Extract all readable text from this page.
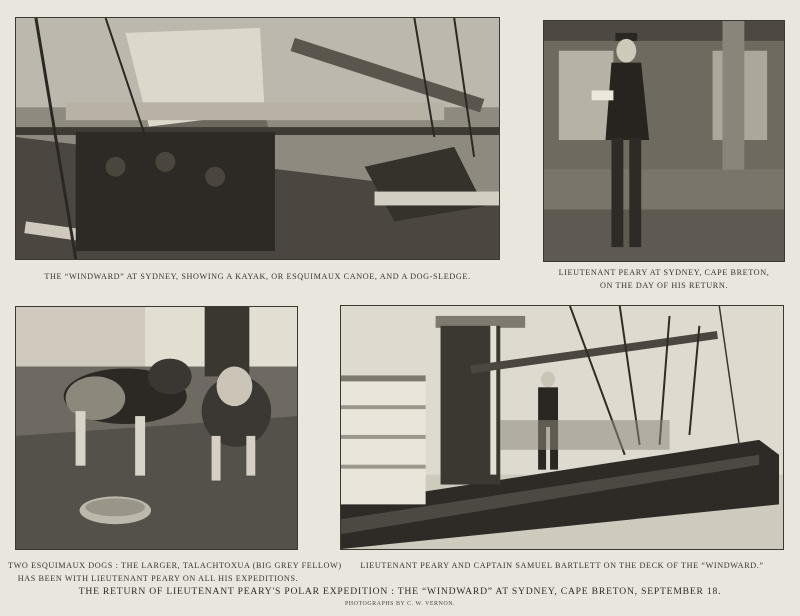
THE “WINDWARD” AT SYDNEY, SHOWING A KAYAK, OR ESQUIMAUX CANOE, AND A DOG-SLEDGE.	LIEUTENANT PEARY AT SYDNEY, CAPE BRETON,
ON THE DAY OF HIS RETURN.
TWO ESQUIMAUX DOGS : THE LARGER, TALACHTOXUA (BIG GREY FELLOW)
HAS BEEN WITH LIEUTENANT PEARY ON ALL HIS EXPEDITIONS.
LIEUTENANT PEARY AND CAPTAIN SAMUEL BARTLETT ON THE DECK OF THE “WINDWARD.”
THE RETURN OF LIEUTENANT PEARY'S POLAR EXPEDITION : THE “WINDWARD” AT SYDNEY, CAPE BRETON, SEPTEMBER 18.
PHOTOGRAPHS BY C. W. VERNON.
